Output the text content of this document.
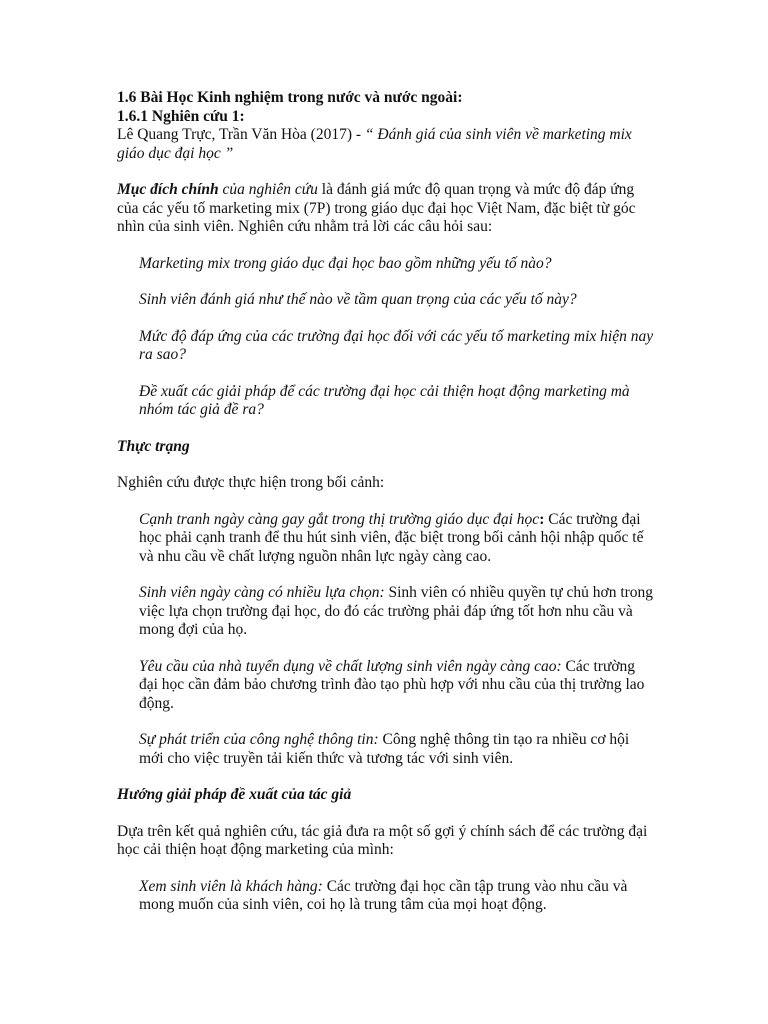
1.6 Bài Học Kinh nghiệm trong nước và nước ngoài:

1.6.1 Nghiên cứu 1:

Lê Quang Trực, Trần Văn Hòa (2017) - “ Đánh giá của sinh viên về marketing mix giáo dục đại học ”

Mục đích chính của nghiên cứu là đánh giá mức độ quan trọng và mức độ đáp ứng của các yếu tố marketing mix (7P) trong giáo dục đại học Việt Nam, đặc biệt từ góc nhìn của sinh viên. Nghiên cứu nhằm trả lời các câu hỏi sau:

Marketing mix trong giáo dục đại học bao gồm những yếu tố nào?

Sinh viên đánh giá như thế nào về tầm quan trọng của các yếu tố này?

Mức độ đáp ứng của các trường đại học đối với các yếu tố marketing mix hiện nay ra sao?

Đề xuất các giải pháp để các trường đại học cải thiện hoạt động marketing mà nhóm tác giả đề ra?

Thực trạng

Nghiên cứu được thực hiện trong bối cảnh:

Cạnh tranh ngày càng gay gắt trong thị trường giáo dục đại học: Các trường đại học phải cạnh tranh để thu hút sinh viên, đặc biệt trong bối cảnh hội nhập quốc tế và nhu cầu về chất lượng nguồn nhân lực ngày càng cao.

Sinh viên ngày càng có nhiều lựa chọn: Sinh viên có nhiều quyền tự chủ hơn trong việc lựa chọn trường đại học, do đó các trường phải đáp ứng tốt hơn nhu cầu và mong đợi của họ.

Yêu cầu của nhà tuyển dụng về chất lượng sinh viên ngày càng cao: Các trường đại học cần đảm bảo chương trình đào tạo phù hợp với nhu cầu của thị trường lao động.

Sự phát triển của công nghệ thông tin: Công nghệ thông tin tạo ra nhiều cơ hội mới cho việc truyền tải kiến thức và tương tác với sinh viên.

Hướng giải pháp đề xuất của tác giả

Dựa trên kết quả nghiên cứu, tác giả đưa ra một số gợi ý chính sách để các trường đại học cải thiện hoạt động marketing của mình:

Xem sinh viên là khách hàng: Các trường đại học cần tập trung vào nhu cầu và mong muốn của sinh viên, coi họ là trung tâm của mọi hoạt động.
